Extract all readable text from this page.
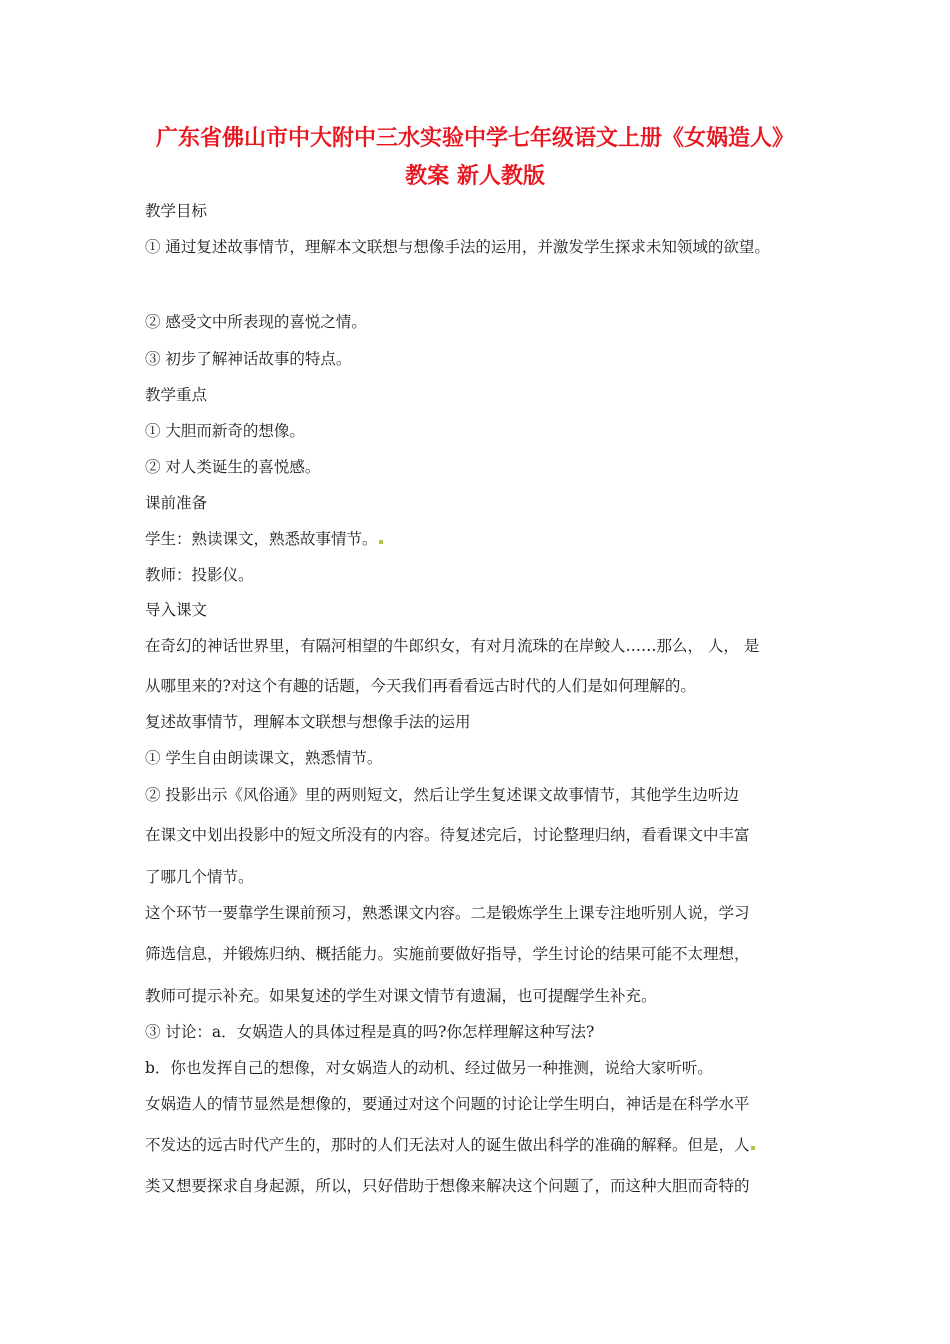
广东省佛山市中大附中三水实验中学七年级语文上册《女娲造人》
教案 新人教版

教学目标

① 通过复述故事情节，理解本文联想与想像手法的运用，并激发学生探求未知领域的欲望。

② 感受文中所表现的喜悦之情。

③ 初步了解神话故事的特点。

教学重点

① 大胆而新奇的想像。

② 对人类诞生的喜悦感。

课前准备

学生：熟读课文，熟悉故事情节。

教师：投影仪。

导入课文

在奇幻的神话世界里，有隔河相望的牛郎织女，有对月流珠的在岸鲛人……那么， 人， 是

从哪里来的?对这个有趣的话题，今天我们再看看远古时代的人们是如何理解的。

复述故事情节，理解本文联想与想像手法的运用

① 学生自由朗读课文，熟悉情节。

② 投影出示《风俗通》里的两则短文，然后让学生复述课文故事情节，其他学生边听边

在课文中划出投影中的短文所没有的内容。待复述完后，讨论整理归纳，看看课文中丰富

了哪几个情节。

这个环节一要靠学生课前预习，熟悉课文内容。二是锻炼学生上课专注地听别人说，学习

筛选信息，并锻炼归纳、概括能力。实施前要做好指导，学生讨论的结果可能不太理想，

教师可提示补充。如果复述的学生对课文情节有遗漏，也可提醒学生补充。

③ 讨论：a．女娲造人的具体过程是真的吗?你怎样理解这种写法?

b．你也发挥自己的想像，对女娲造人的动机、经过做另一种推测，说给大家听听。

女娲造人的情节显然是想像的，要通过对这个问题的讨论让学生明白，神话是在科学水平

不发达的远古时代产生的，那时的人们无法对人的诞生做出科学的准确的解释。但是，人

类又想要探求自身起源，所以，只好借助于想像来解决这个问题了，而这种大胆而奇特的
